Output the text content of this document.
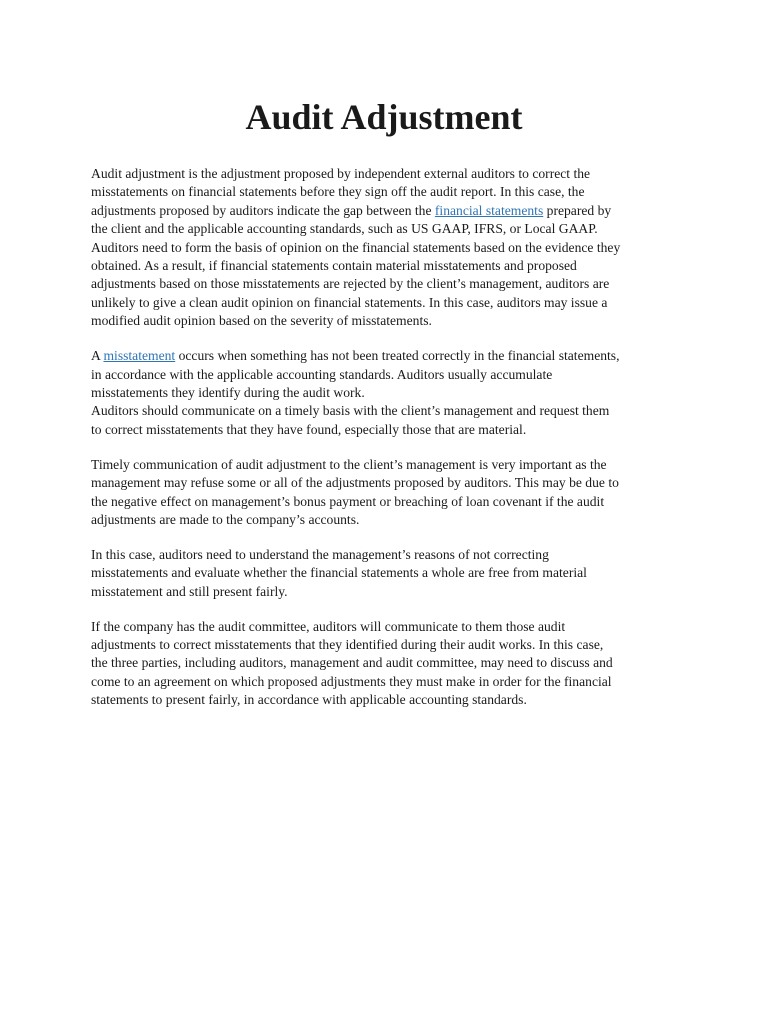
Audit Adjustment
Audit adjustment is the adjustment proposed by independent external auditors to correct the
misstatements on financial statements before they sign off the audit report. In this case, the
adjustments proposed by auditors indicate the gap between the financial statements prepared by
the client and the applicable accounting standards, such as US GAAP, IFRS, or Local GAAP.
Auditors need to form the basis of opinion on the financial statements based on the evidence they
obtained. As a result, if financial statements contain material misstatements and proposed
adjustments based on those misstatements are rejected by the client’s management, auditors are
unlikely to give a clean audit opinion on financial statements. In this case, auditors may issue a
modified audit opinion based on the severity of misstatements.
A misstatement occurs when something has not been treated correctly in the financial statements,
in accordance with the applicable accounting standards. Auditors usually accumulate
misstatements they identify during the audit work.
Auditors should communicate on a timely basis with the client’s management and request them
to correct misstatements that they have found, especially those that are material.
Timely communication of audit adjustment to the client’s management is very important as the
management may refuse some or all of the adjustments proposed by auditors. This may be due to
the negative effect on management’s bonus payment or breaching of loan covenant if the audit
adjustments are made to the company’s accounts.
In this case, auditors need to understand the management’s reasons of not correcting
misstatements and evaluate whether the financial statements a whole are free from material
misstatement and still present fairly.
If the company has the audit committee, auditors will communicate to them those audit
adjustments to correct misstatements that they identified during their audit works. In this case,
the three parties, including auditors, management and audit committee, may need to discuss and
come to an agreement on which proposed adjustments they must make in order for the financial
statements to present fairly, in accordance with applicable accounting standards.
